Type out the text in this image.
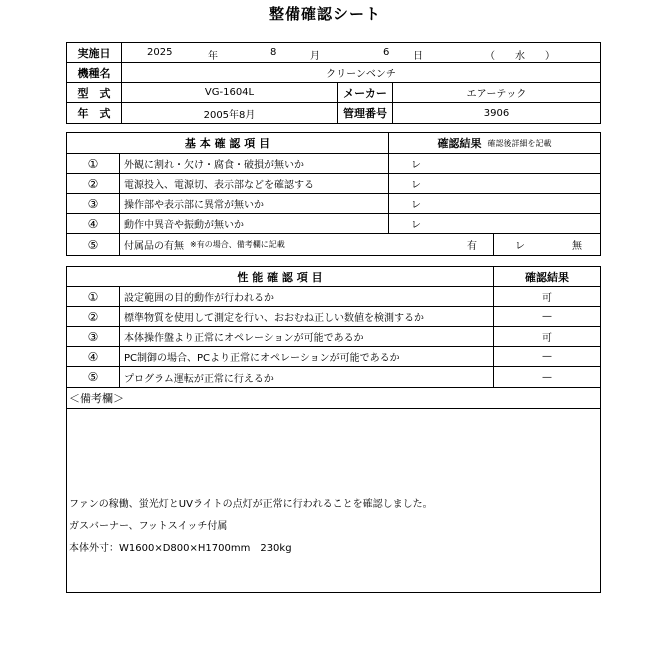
整備確認シート
実施日	2025	年	8	月	6 日	（　　水　　）
機種名	クリーンベンチ
型　式	VG-1604L	メーカー	エアーテック
年　式	2005年8月	管理番号	3906
基 本 確 認 項 目	確認結果 確認後詳細を記載
①	外観に割れ・欠け・腐食・破損が無いか	レ
②	電源投入、電源切、表示部などを確認する	レ
③	操作部や表示部に異常が無いか	レ
④	動作中異音や振動が無いか	レ
⑤	付属品の有無 ※有の場合、備考欄に記載	有	レ	無
性 能 確 認 項 目	確認結果
①	設定範囲の目的動作が行われるか	可
②	標準物質を使用して測定を行い、おおむね正しい数値を検測するか	—
③	本体操作盤より正常にオペレーションが可能であるか	可
④	PC制御の場合、PCより正常にオペレーションが可能であるか	—
⑤	プログラム運転が正常に行えるか	—
＜備考欄＞
ファンの稼働、蛍光灯とUVライトの点灯が正常に行われることを確認しました。
ガスバーナー、フットスイッチ付属
本体外寸：W1600×D800×H1700mm　230kg
